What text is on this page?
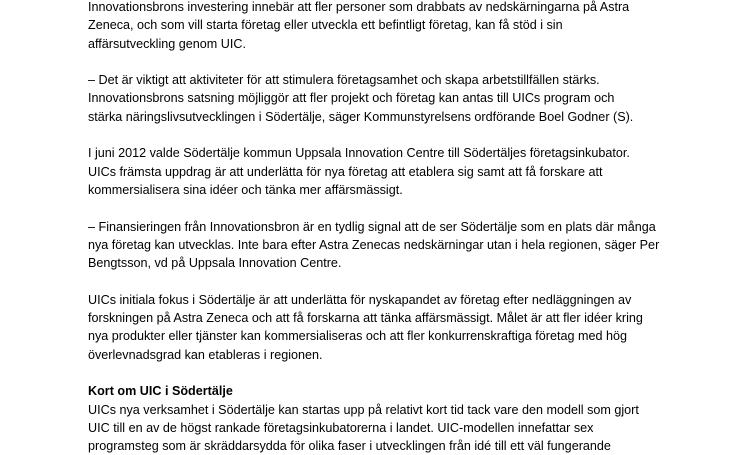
Innovationsbrons investering innebär att fler personer som drabbats av nedskärningarna på Astra
Zeneca, och som vill starta företag eller utveckla ett befintligt företag, kan få stöd i sin
affärsutveckling genom UIC.

– Det är viktigt att aktiviteter för att stimulera företagsamhet och skapa arbetstillfällen stärks.
Innovationsbrons satsning möjliggör att fler projekt och företag kan antas till UICs program och
stärka näringslivsutvecklingen i Södertälje, säger Kommunstyrelsens ordförande Boel Godner (S).

I juni 2012 valde Södertälje kommun Uppsala Innovation Centre till Södertäljes företagsinkubator.
UICs främsta uppdrag är att underlätta för nya företag att etablera sig samt att få forskare att
kommersialisera sina idéer och tänka mer affärsmässigt.

– Finansieringen från Innovationsbron är en tydlig signal att de ser Södertälje som en plats där många
nya företag kan utvecklas. Inte bara efter Astra Zenecas nedskärningar utan i hela regionen, säger Per
Bengtsson, vd på Uppsala Innovation Centre.

UICs initiala fokus i Södertälje är att underlätta för nyskapandet av företag efter nedläggningen av
forskningen på Astra Zeneca och att få forskarna att tänka affärsmässigt. Målet är att fler idéer kring
nya produkter eller tjänster kan kommersialiseras och att fler konkurrenskraftiga företag med hög
överlevnadsgrad kan etableras i regionen.

Kort om UIC i Södertälje

UICs nya verksamhet i Södertälje kan startas upp på relativt kort tid tack vare den modell som gjort
UIC till en av de högst rankade företagsinkubatorerna i landet. UIC-modellen innefattar sex
programsteg som är skräddarsydda för olika faser i utvecklingen från idé till ett väl fungerande
